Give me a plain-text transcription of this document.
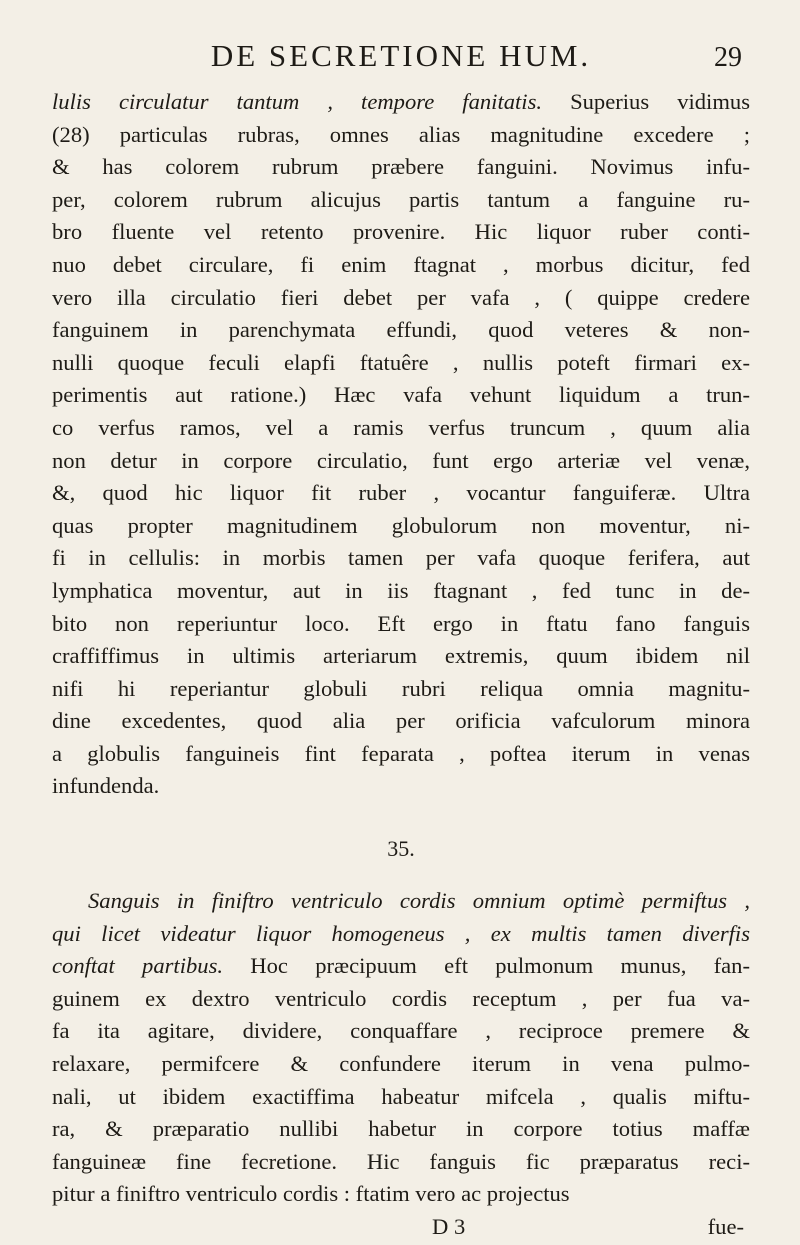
DE SECRETIONE HUM.	29
lulis circulatur tantum , tempore fanitatis. Superius vidimus
(28) particulas rubras, omnes alias magnitudine excedere ;
& has colorem rubrum præbere fanguini. Novimus infu-
per, colorem rubrum alicujus partis tantum a fanguine ru-
bro fluente vel retento provenire. Hic liquor ruber conti-
nuo debet circulare, fi enim ftagnat , morbus dicitur, fed
vero illa circulatio fieri debet per vafa , ( quippe credere
fanguinem in parenchymata effundi, quod veteres & non-
nulli quoque feculi elapfi ftatuêre , nullis poteft firmari ex-
perimentis aut ratione.) Hæc vafa vehunt liquidum a trun-
co verfus ramos, vel a ramis verfus truncum , quum alia
non detur in corpore circulatio, funt ergo arteriæ vel venæ,
&, quod hic liquor fit ruber , vocantur fanguiferæ. Ultra
quas propter magnitudinem globulorum non moventur, ni-
fi in cellulis: in morbis tamen per vafa quoque ferifera, aut
lymphatica moventur, aut in iis ftagnant , fed tunc in de-
bito non reperiuntur loco. Eft ergo in ftatu fano fanguis
craffiffimus in ultimis arteriarum extremis, quum ibidem nil
nifi hi reperiantur globuli rubri reliqua omnia magnitu-
dine excedentes, quod alia per orificia vafculorum minora
a globulis fanguineis fint feparata , poftea iterum in venas
infundenda.
35.
Sanguis in finiftro ventriculo cordis omnium optimè permiftus ,
qui licet videatur liquor homogeneus , ex multis tamen diverfis
conftat partibus. Hoc præcipuum eft pulmonum munus, fan-
guinem ex dextro ventriculo cordis receptum , per fua va-
fa ita agitare, dividere, conquaffare , reciproce premere &
relaxare, permifcere & confundere iterum in vena pulmo-
nali, ut ibidem exactiffima habeatur mifcela , qualis miftu-
ra, & præparatio nullibi habetur in corpore totius maffæ
fanguineæ fine fecretione. Hic fanguis fic præparatus reci-
pitur a finiftro ventriculo cordis : ftatim vero ac projectus
D 3	fue-
